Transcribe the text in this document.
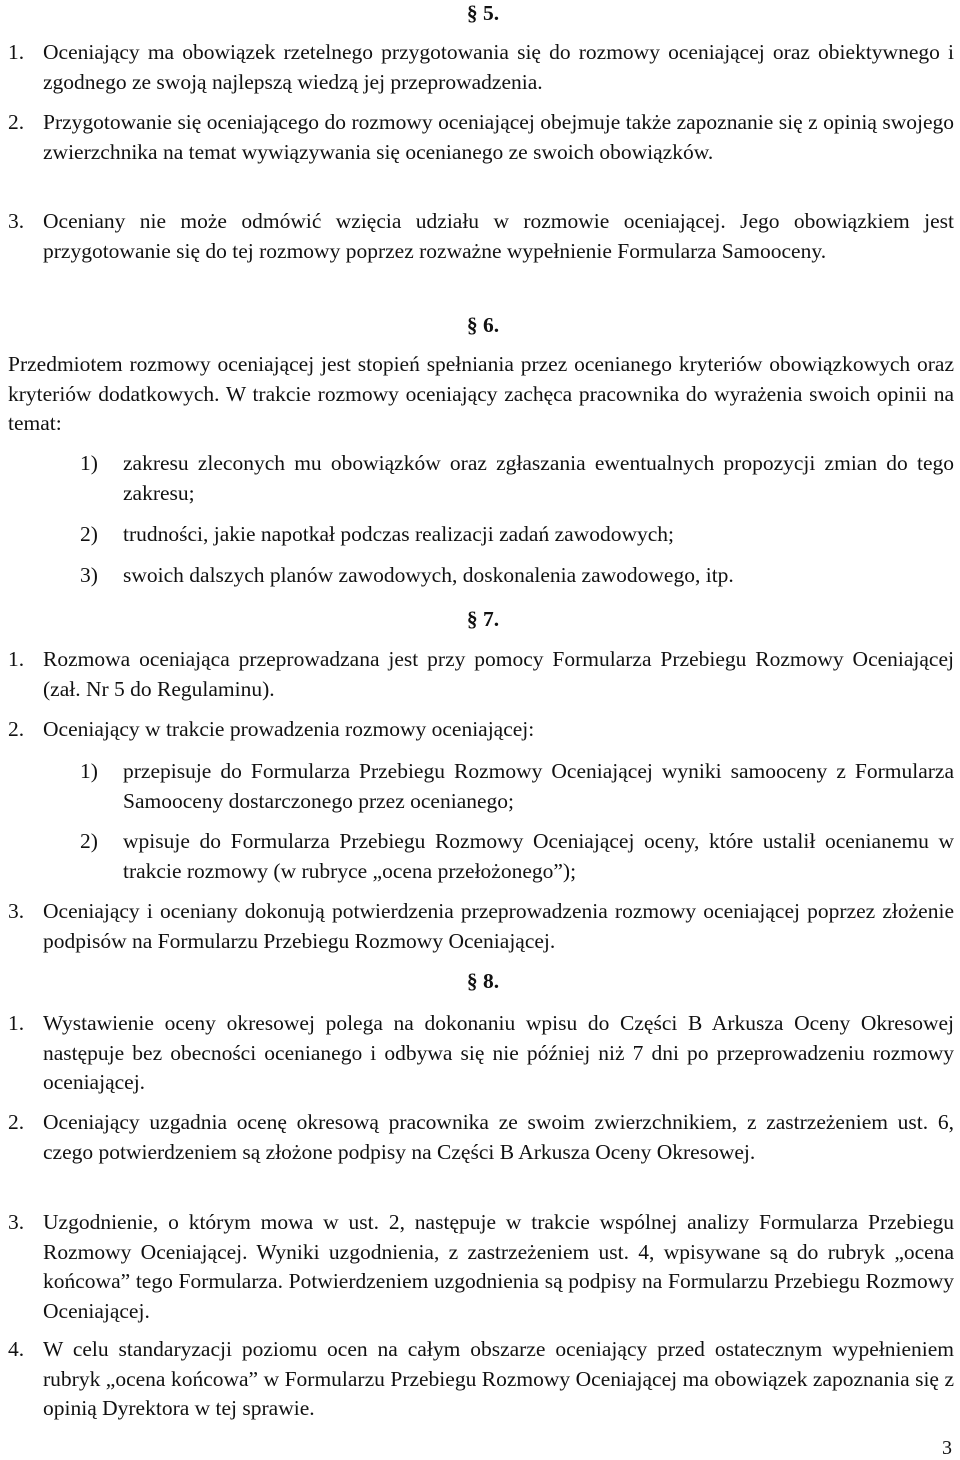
§ 5.
1. Oceniający ma obowiązek rzetelnego przygotowania się do rozmowy oceniającej oraz obiektywnego i zgodnego ze swoją najlepszą wiedzą jej przeprowadzenia.
2. Przygotowanie się oceniającego do rozmowy oceniającej obejmuje także zapoznanie się z opinią swojego zwierzchnika na temat wywiązywania się ocenianego ze swoich obowiązków.
3. Oceniany nie może odmówić wzięcia udziału w rozmowie oceniającej. Jego obowiązkiem jest przygotowanie się do tej rozmowy poprzez rozważne wypełnienie Formularza Samooceny.
§ 6.
Przedmiotem rozmowy oceniającej jest stopień spełniania przez ocenianego kryteriów obowiązkowych oraz kryteriów dodatkowych. W trakcie rozmowy oceniający zachęca pracownika do wyrażenia swoich opinii na temat:
1) zakresu zleconych mu obowiązków oraz zgłaszania ewentualnych propozycji zmian do tego zakresu;
2) trudności, jakie napotkał podczas realizacji zadań zawodowych;
3) swoich dalszych planów zawodowych, doskonalenia zawodowego, itp.
§ 7.
1. Rozmowa oceniająca przeprowadzana jest przy pomocy Formularza Przebiegu Rozmowy Oceniającej (zał. Nr 5 do Regulaminu).
2. Oceniający w trakcie prowadzenia rozmowy oceniającej:
1) przepisuje do Formularza Przebiegu Rozmowy Oceniającej wyniki samooceny z Formularza Samooceny dostarczonego przez ocenianego;
2) wpisuje do Formularza Przebiegu Rozmowy Oceniającej oceny, które ustalił ocenianemu w trakcie rozmowy (w rubryce „ocena przełożonego”);
3. Oceniający i oceniany dokonują potwierdzenia przeprowadzenia rozmowy oceniającej poprzez złożenie podpisów na Formularzu Przebiegu Rozmowy Oceniającej.
§ 8.
1. Wystawienie oceny okresowej polega na dokonaniu wpisu do Części B Arkusza Oceny Okresowej następuje bez obecności ocenianego i odbywa się nie później niż 7 dni po przeprowadzeniu rozmowy oceniającej.
2. Oceniający uzgadnia ocenę okresową pracownika ze swoim zwierzchnikiem, z zastrzeżeniem ust. 6, czego potwierdzeniem są złożone podpisy na Części B Arkusza Oceny Okresowej.
3. Uzgodnienie, o którym mowa w ust. 2, następuje w trakcie wspólnej analizy Formularza Przebiegu Rozmowy Oceniającej. Wyniki uzgodnienia, z zastrzeżeniem ust. 4, wpisywane są do rubryk „ocena końcowa” tego Formularza. Potwierdzeniem uzgodnienia są podpisy na Formularzu Przebiegu Rozmowy Oceniającej.
4. W celu standaryzacji poziomu ocen na całym obszarze oceniający przed ostatecznym wypełnieniem rubryk „ocena końcowa” w Formularzu Przebiegu Rozmowy Oceniającej ma obowiązek zapoznania się z opinią Dyrektora w tej sprawie.
3
